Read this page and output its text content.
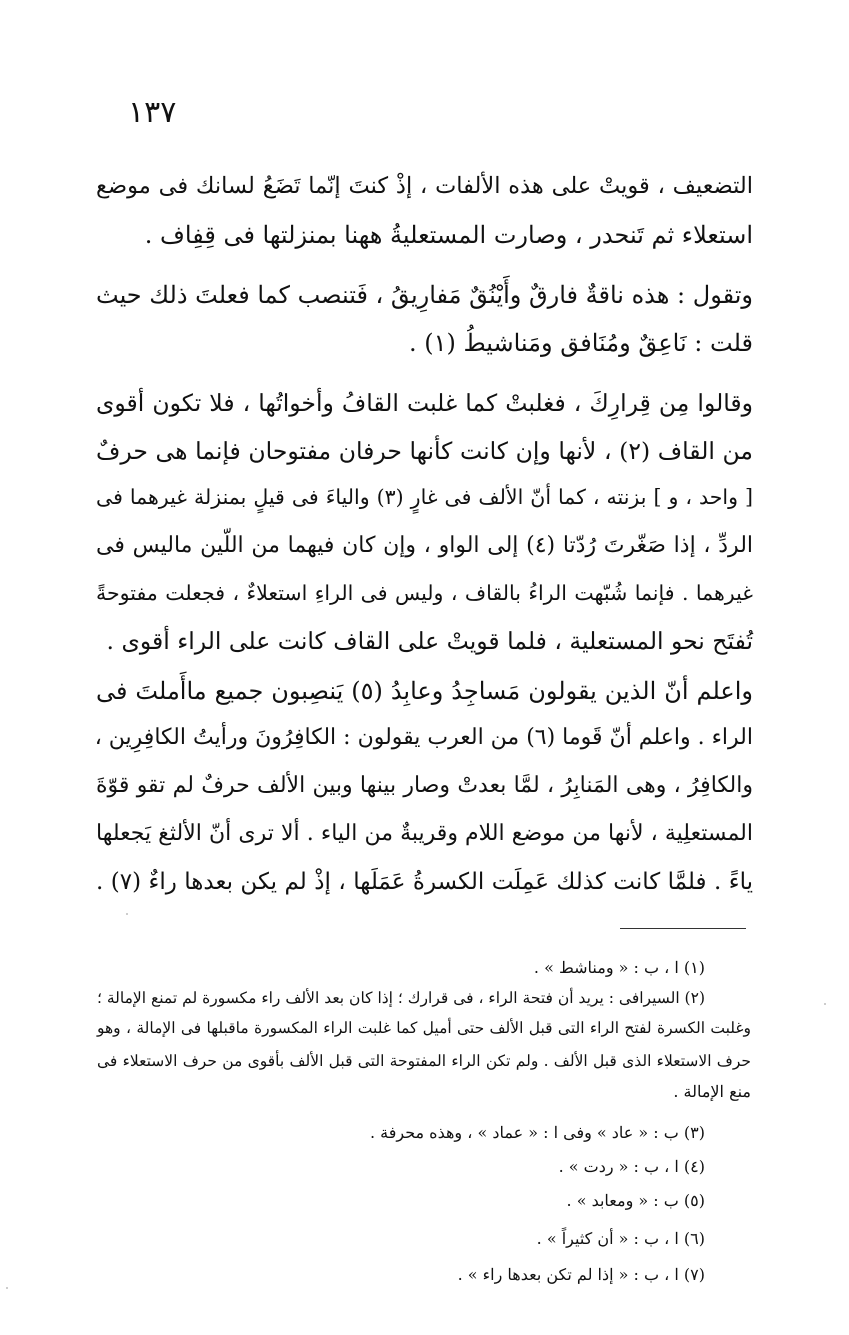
١٣٧
التضعيف ، قويتْ على هذه الألفات ، إذْ كنتَ إنّما تَضَعُ لسانك فى موضع
استعلاء ثم تَنحدر ، وصارت المستعليةُ ههنا بمنزلتها فى قِفِاف .
وتقول : هذه ناقةٌ فارقٌ وأَيْنُقٌ مَفارِيقُ ، فَتنصب كما فعلتَ ذلك حيث
قلت : نَاعِقٌ ومُنَافق ومَناشيطُ (١) .
وقالوا مِن قِرارِكَ ، فغلبتْ كما غلبت القافُ وأخواتُها ، فلا تكون أقوى
من القاف (٢) ، لأنها وإن كانت كأنها حرفان مفتوحان فإنما هى حرفٌ
[ واحد ، و ] بزنته ، كما أنّ الألف فى غارٍ (٣) والياءَ فى قيلٍ بمنزلة غيرهما فى
الردِّ ، إذا صَغّرتَ رُدّتا (٤) إلى الواو ، وإن كان فيهما من اللّين ماليس فى
غيرهما . فإنما شُبّهت الراءُ بالقاف ، وليس فى الراءِ استعلاءٌ ، فجعلت مفتوحةً
تُفتَح نحو المستعلية ، فلما قويتْ على القاف كانت على الراء أقوى .
واعلم أنّ الذين يقولون مَساجِدُ وعابِدُ (٥) يَنصِبون جميع ماأَملتَ فى
الراء . واعلم أنّ قَوما (٦) من العرب يقولون : الكافِرُونَ ورأيتُ الكافِرِين ،
والكافِرُ ، وهى المَنابِرُ ، لمَّا بعدتْ وصار بينها وبين الألف حرفٌ لم تقو قوّةَ
المستعلِية ، لأنها من موضع اللام وقريبةٌ من الياء . ألا ترى أنّ الألثغ يَجعلها
ياءً . فلمَّا كانت كذلك عَمِلَت الكسرةُ عَمَلَها ، إذْ لم يكن بعدها راءٌ (٧) .
(١) ا ، ب : « ومناشط » .
(٢) السيرافى : يريد أن فتحة الراء ، فى قرارك ؛ إذا كان بعد الألف راء مكسورة لم تمنع الإمالة ؛
وغلبت الكسرة لفتح الراء التى قبل الألف حتى أميل كما غلبت الراء المكسورة ماقبلها فى الإمالة ، وهو
حرف الاستعلاء الذى قبل الألف . ولم تكن الراء المفتوحة التى قبل الألف بأقوى من حرف الاستعلاء فى
منع الإمالة .
(٣) ب : « عاد » وفى ا : « عماد » ، وهذه محرفة .
(٤) ا ، ب : « ردت » .
(٥) ب : « ومعابد » .
(٦) ا ، ب : « أن كثيراً » .
(٧) ا ، ب : « إذا لم تكن بعدها راء » .
